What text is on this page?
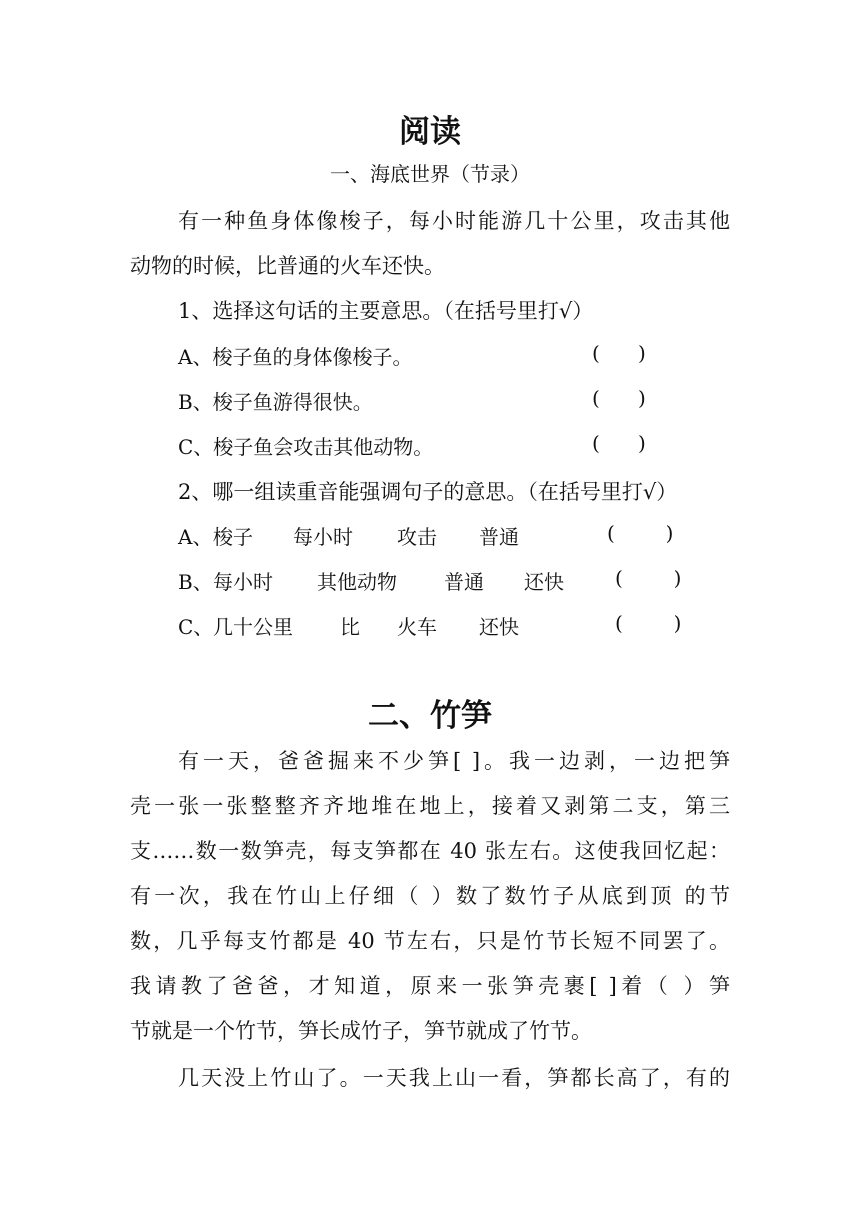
阅读
一、海底世界（节录）
有一种鱼身体像梭子，每小时能游几十公里，攻击其他
动物的时候，比普通的火车还快。
1、选择这句话的主要意思。（在括号里打√）
A、梭子鱼的身体像梭子。	(      )
B、梭子鱼游得很快。	(      )
C、梭子鱼会攻击其他动物。	(      )
2、哪一组读重音能强调句子的意思。（在括号里打√）
A、 梭子 每小时 攻击 普通	(        )
B、 每小时 其他动物 普通 还快	(        )
C、 几十公里 比 火车 还快	(        )
二、竹笋
有一天，爸爸掘来不少笋[ ]。我一边剥，一边把笋
壳一张一张整整齐齐地堆在地上，接着又剥第二支，第三
支……数一数笋壳，每支笋都在 40 张左右。这使我回忆起：
有一次，我在竹山上仔细（ ）数了数竹子从底到顶 的节
数，几乎每支竹都是 40 节左右，只是竹节长短不同罢了。
我请教了爸爸，才知道，原来一张笋壳裹[ ]着（ ）笋
节就是一个竹节，笋长成竹子，笋节就成了竹节。
几天没上竹山了。一天我上山一看，笋都长高了，有的
